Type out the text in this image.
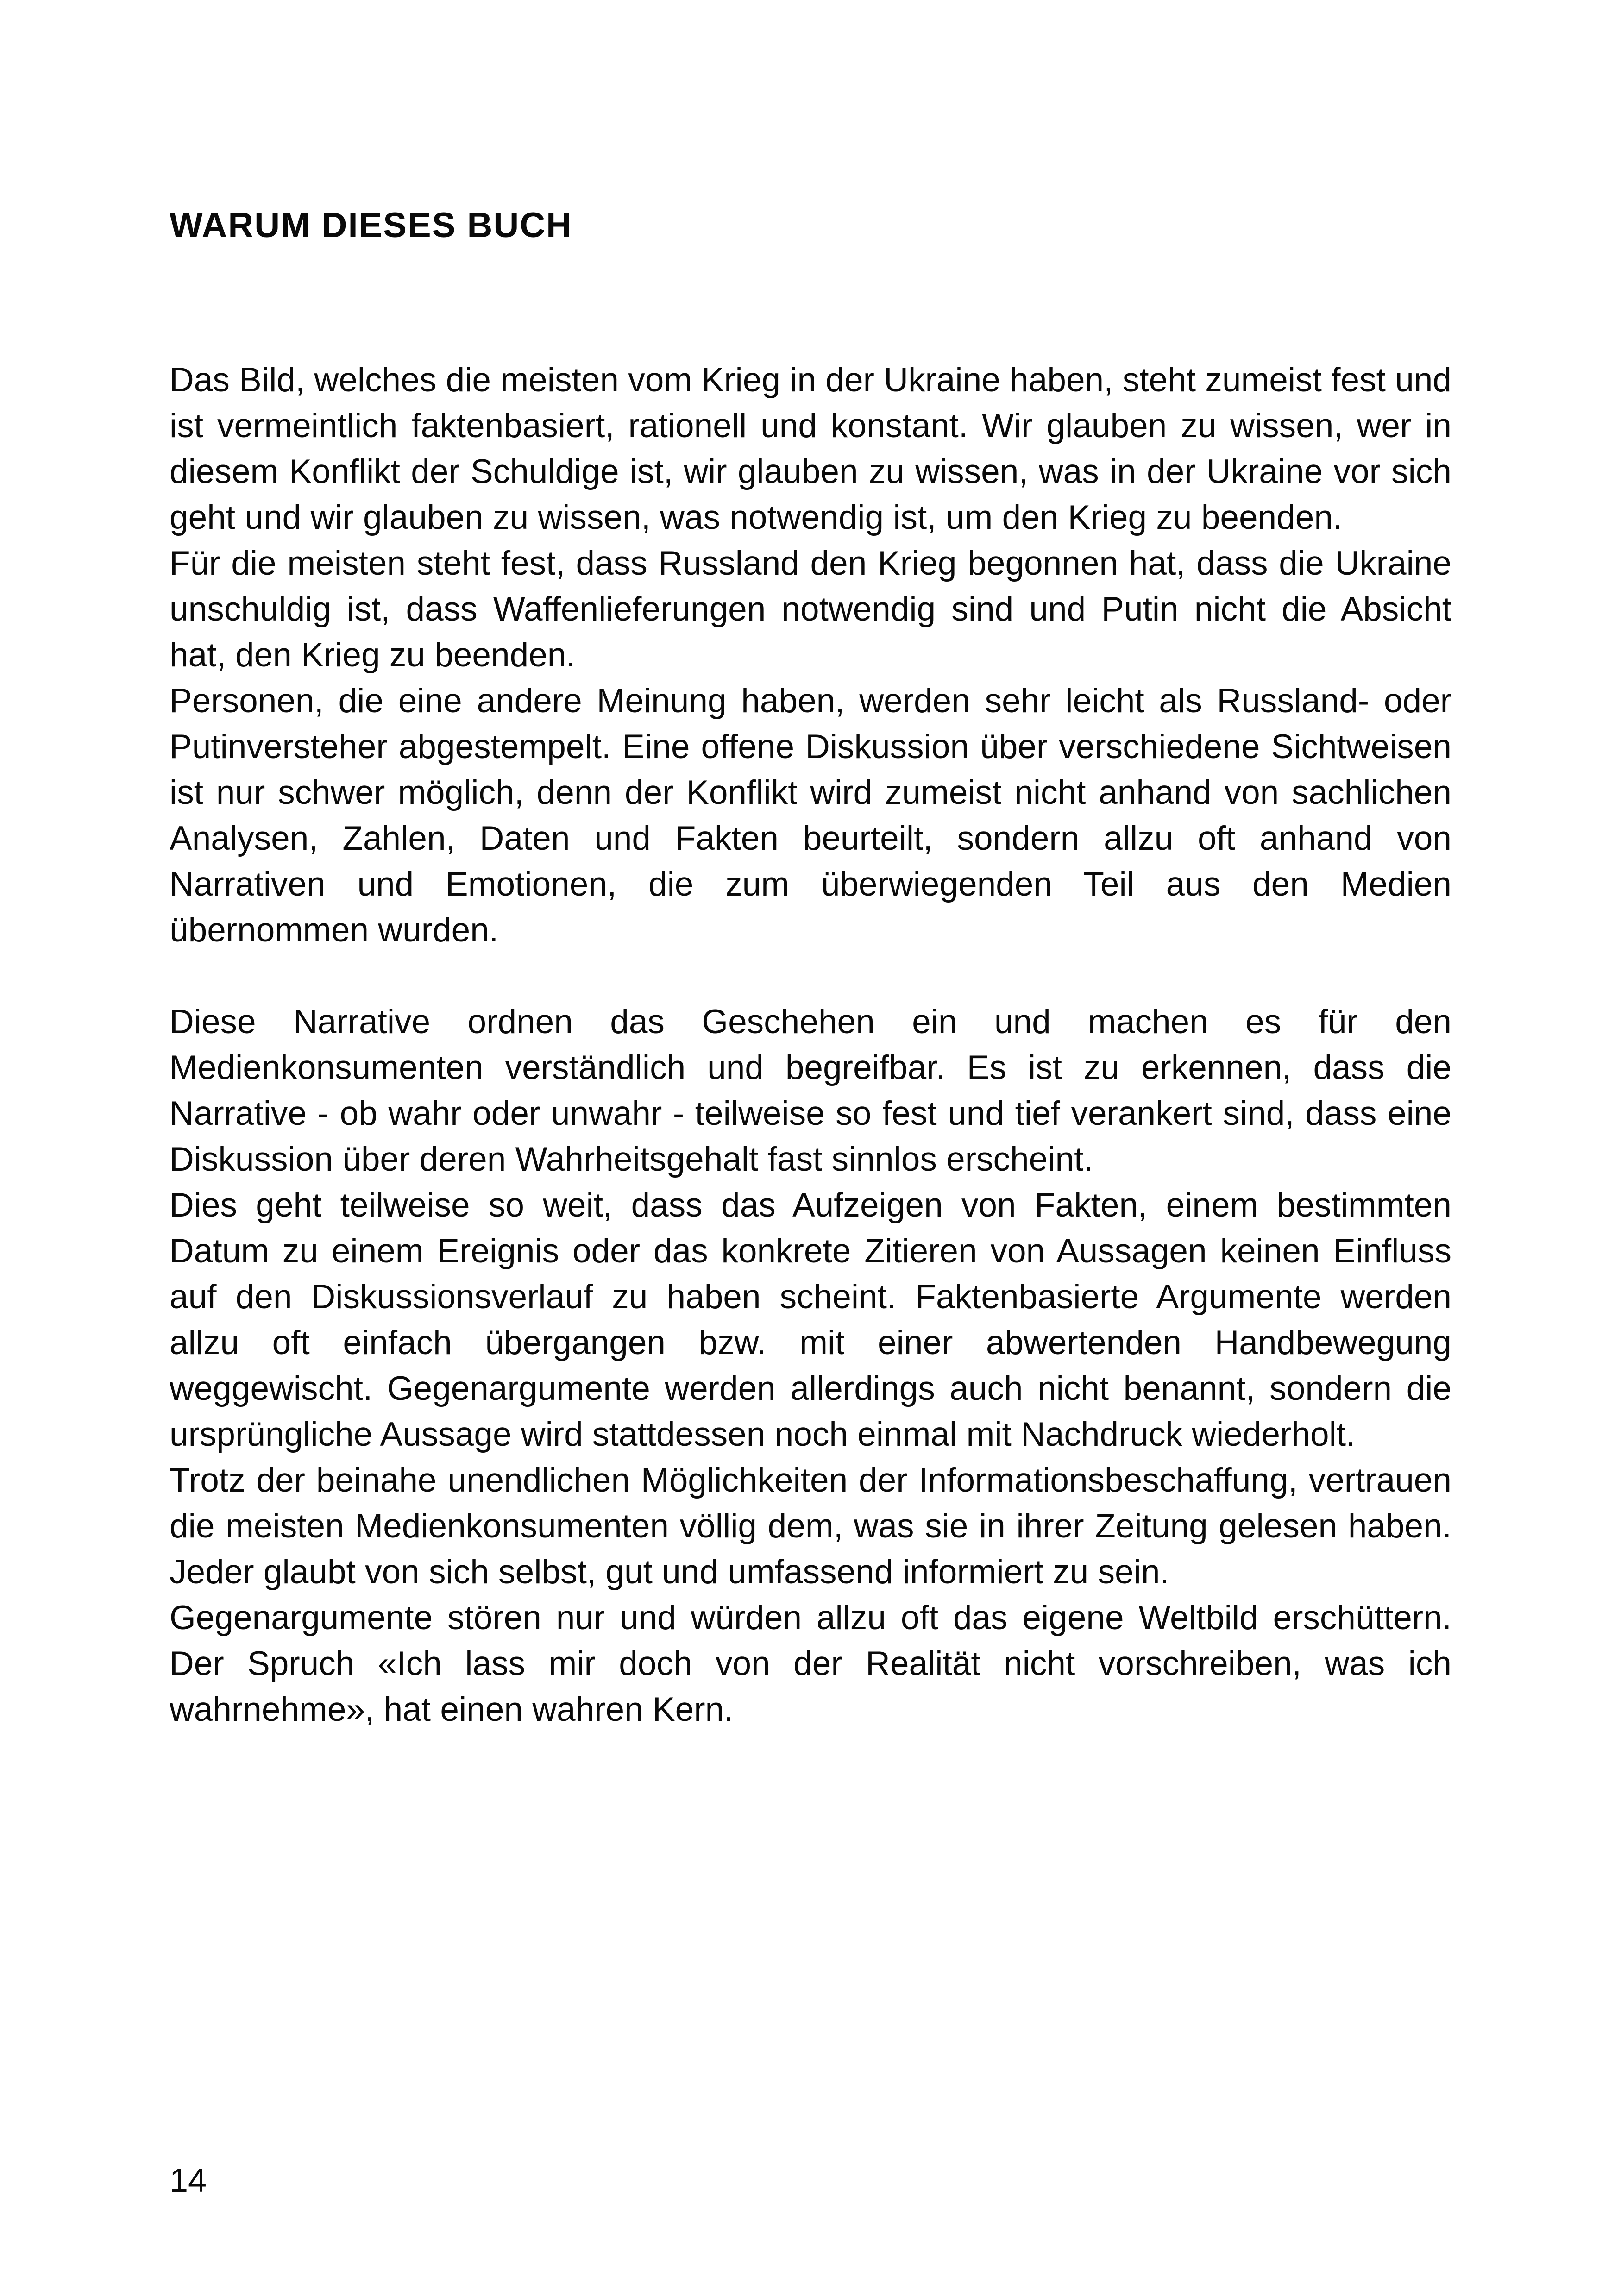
WARUM DIESES BUCH

Das Bild, welches die meisten vom Krieg in der Ukraine haben, steht zumeist fest und ist vermeintlich faktenbasiert, rationell und konstant. Wir glauben zu wissen, wer in diesem Konflikt der Schuldige ist, wir glauben zu wissen, was in der Ukraine vor sich geht und wir glauben zu wissen, was notwendig ist, um den Krieg zu beenden.

Für die meisten steht fest, dass Russland den Krieg begonnen hat, dass die Ukraine unschuldig ist, dass Waffenlieferungen notwendig sind und Putin nicht die Absicht hat, den Krieg zu beenden.

Personen, die eine andere Meinung haben, werden sehr leicht als Russland- oder Putinversteher abgestempelt. Eine offene Diskussion über verschiedene Sichtweisen ist nur schwer möglich, denn der Konflikt wird zumeist nicht anhand von sachlichen Analysen, Zahlen, Daten und Fakten beurteilt, sondern allzu oft anhand von Narrativen und Emotionen, die zum überwiegenden Teil aus den Medien übernommen wurden.

Diese Narrative ordnen das Geschehen ein und machen es für den Medienkonsumenten verständlich und begreifbar. Es ist zu erkennen, dass die Narrative - ob wahr oder unwahr - teilweise so fest und tief verankert sind, dass eine Diskussion über deren Wahrheitsgehalt fast sinnlos erscheint.

Dies geht teilweise so weit, dass das Aufzeigen von Fakten, einem bestimmten Datum zu einem Ereignis oder das konkrete Zitieren von Aussagen keinen Einfluss auf den Diskussionsverlauf zu haben scheint. Faktenbasierte Argumente werden allzu oft einfach übergangen bzw. mit einer abwertenden Handbewegung weggewischt. Gegenargumente werden allerdings auch nicht benannt, sondern die ursprüngliche Aussage wird stattdessen noch einmal mit Nachdruck wiederholt.

Trotz der beinahe unendlichen Möglichkeiten der Informationsbeschaffung, vertrauen die meisten Medienkonsumenten völlig dem, was sie in ihrer Zeitung gelesen haben. Jeder glaubt von sich selbst, gut und umfassend informiert zu sein.

Gegenargumente stören nur und würden allzu oft das eigene Weltbild erschüttern. Der Spruch «Ich lass mir doch von der Realität nicht vorschreiben, was ich wahrnehme», hat einen wahren Kern.

14
